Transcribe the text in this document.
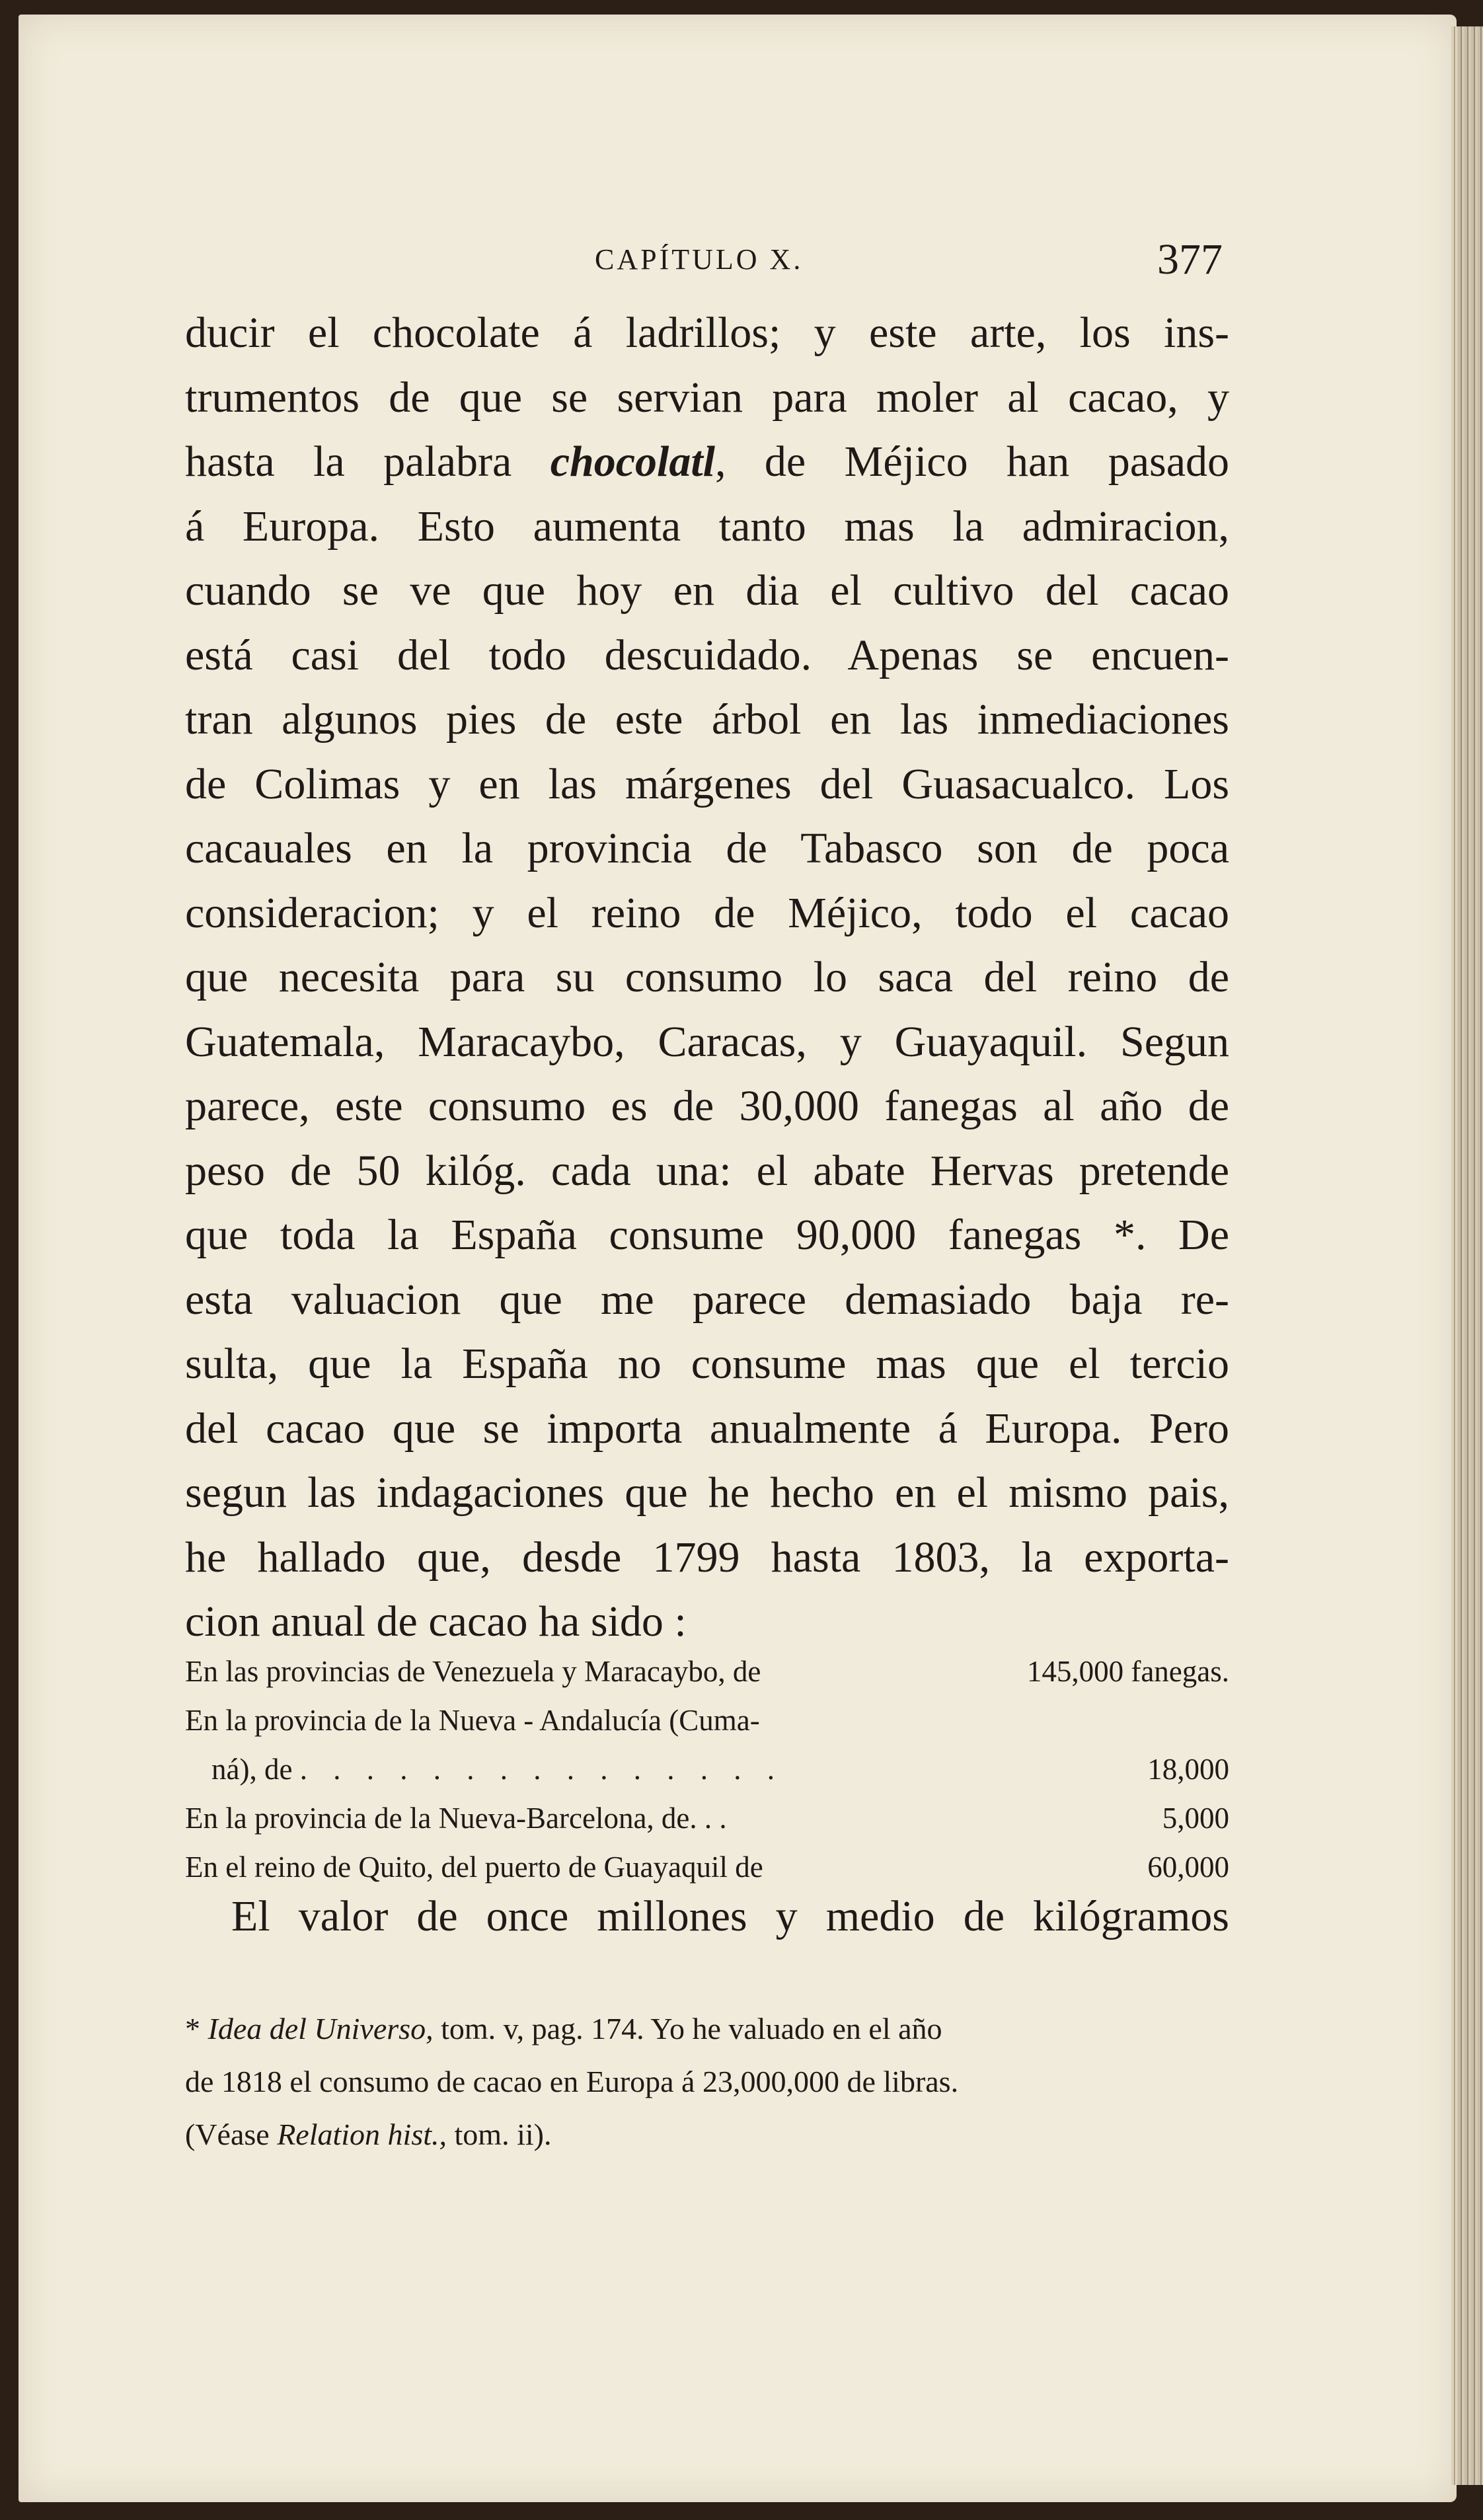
CAPÍTULO X.	377
ducir el chocolate á ladrillos; y este arte, los ins-
trumentos de que se servian para moler al cacao, y
hasta la palabra chocolatl, de Méjico han pasado
á Europa. Esto aumenta tanto mas la admiracion,
cuando se ve que hoy en dia el cultivo del cacao
está casi del todo descuidado. Apenas se encuen-
tran algunos pies de este árbol en las inmediaciones
de Colimas y en las márgenes del Guasacualco. Los
cacauales en la provincia de Tabasco son de poca
consideracion; y el reino de Méjico, todo el cacao
que necesita para su consumo lo saca del reino de
Guatemala, Maracaybo, Caracas, y Guayaquil. Segun
parece, este consumo es de 30,000 fanegas al año de
peso de 50 kilóg. cada una: el abate Hervas pretende
que toda la España consume 90,000 fanegas *. De
esta valuacion que me parece demasiado baja re-
sulta, que la España no consume mas que el tercio
del cacao que se importa anualmente á Europa. Pero
segun las indagaciones que he hecho en el mismo pais,
he hallado que, desde 1799 hasta 1803, la exporta-
cion anual de cacao ha sido :
En las provincias de Venezuela y Maracaybo, de	145,000 fanegas.
En la provincia de la Nueva - Andalucía (Cuma-
ná), de . . . . . . . . . . . . . . .	18,000
En la provincia de la Nueva-Barcelona, de. . .	5,000
En el reino de Quito, del puerto de Guayaquil de	60,000
El valor de once millones y medio de kilógramos
* Idea del Universo, tom. v, pag. 174. Yo he valuado en el año
de 1818 el consumo de cacao en Europa á 23,000,000 de libras.
(Véase Relation hist., tom. ii).
